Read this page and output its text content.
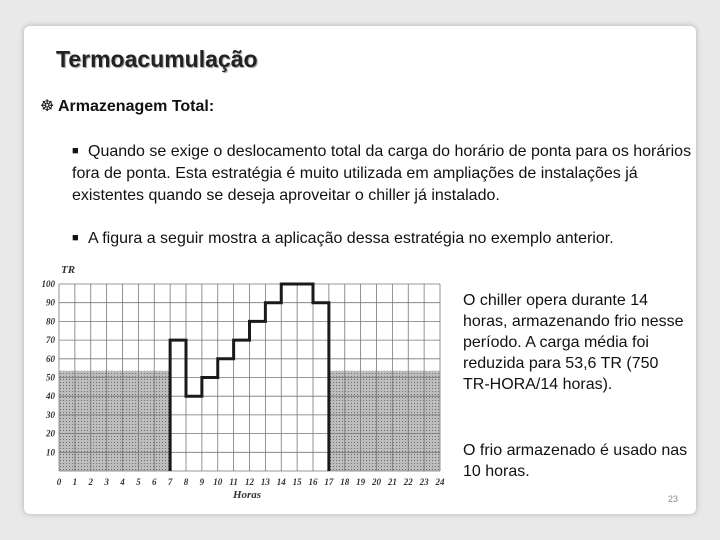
Termoacumulação
☸ Armazenagem Total:
■ Quando se exige o deslocamento total da carga do horário de ponta para os horários fora de ponta. Esta estratégia é muito utilizada em ampliações de instalações já existentes quando se deseja aproveitar o chiller já instalado.
■ A figura a seguir mostra a aplicação dessa estratégia no exemplo anterior.
0 1 2 3 4 5 6 7 8 9 10 11 12 13 14 15 16 17 18 19 20 21 22 23 24
10
20
30
40
50
60
70
80
90
100
TR
Horas
O chiller opera durante 14 horas, armazenando frio nesse período. A carga média foi reduzida para 53,6 TR (750 TR-HORA/14 horas).
O frio armazenado é usado nas 10 horas.
23
